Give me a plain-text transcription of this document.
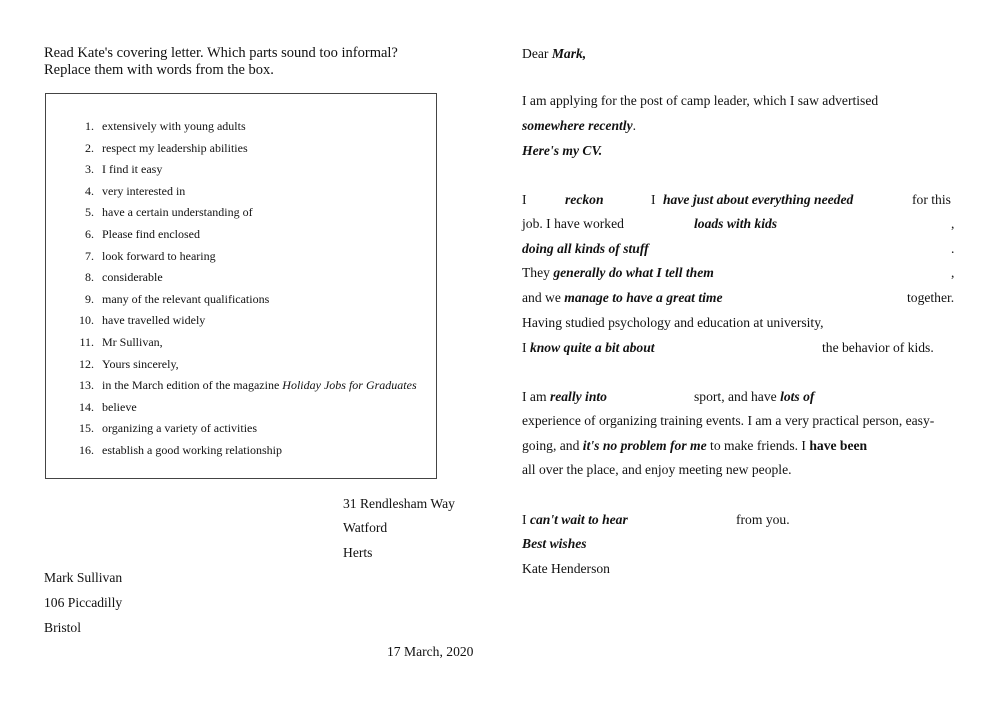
Read Kate's covering letter. Which parts sound too informal?
Replace them with words from the box.
1. extensively with young adults
2. respect my leadership abilities
3. I find it easy
4. very interested in
5. have a certain understanding of
6. Please find enclosed
7. look forward to hearing
8. considerable
9. many of the relevant qualifications
10. have travelled widely
11. Mr Sullivan,
12. Yours sincerely,
13. in the March edition of the magazine Holiday Jobs for Graduates
14. believe
15. organizing a variety of activities
16. establish a good working relationship
31 Rendlesham Way
Watford
Herts
Mark Sullivan
106 Piccadilly
Bristol
17 March, 2020
Dear Mark,
I am applying for the post of camp leader, which I saw advertised
somewhere recently.
Here's my CV.
I	reckon	I have just about everything needed	for this
job. I have worked	loads with kids	,
doing all kinds of stuff	.
They generally do what I tell them	,
and we manage to have a great time	together.
Having studied psychology and education at university,
I know quite a bit about	the behavior of kids.
I am really into	sport, and have lots of
experience of organizing training events. I am a very practical person, easy-
going, and it's no problem for me to make friends. I have been
all over the place, and enjoy meeting new people.
I can't wait to hear	from you.
Best wishes
Kate Henderson
